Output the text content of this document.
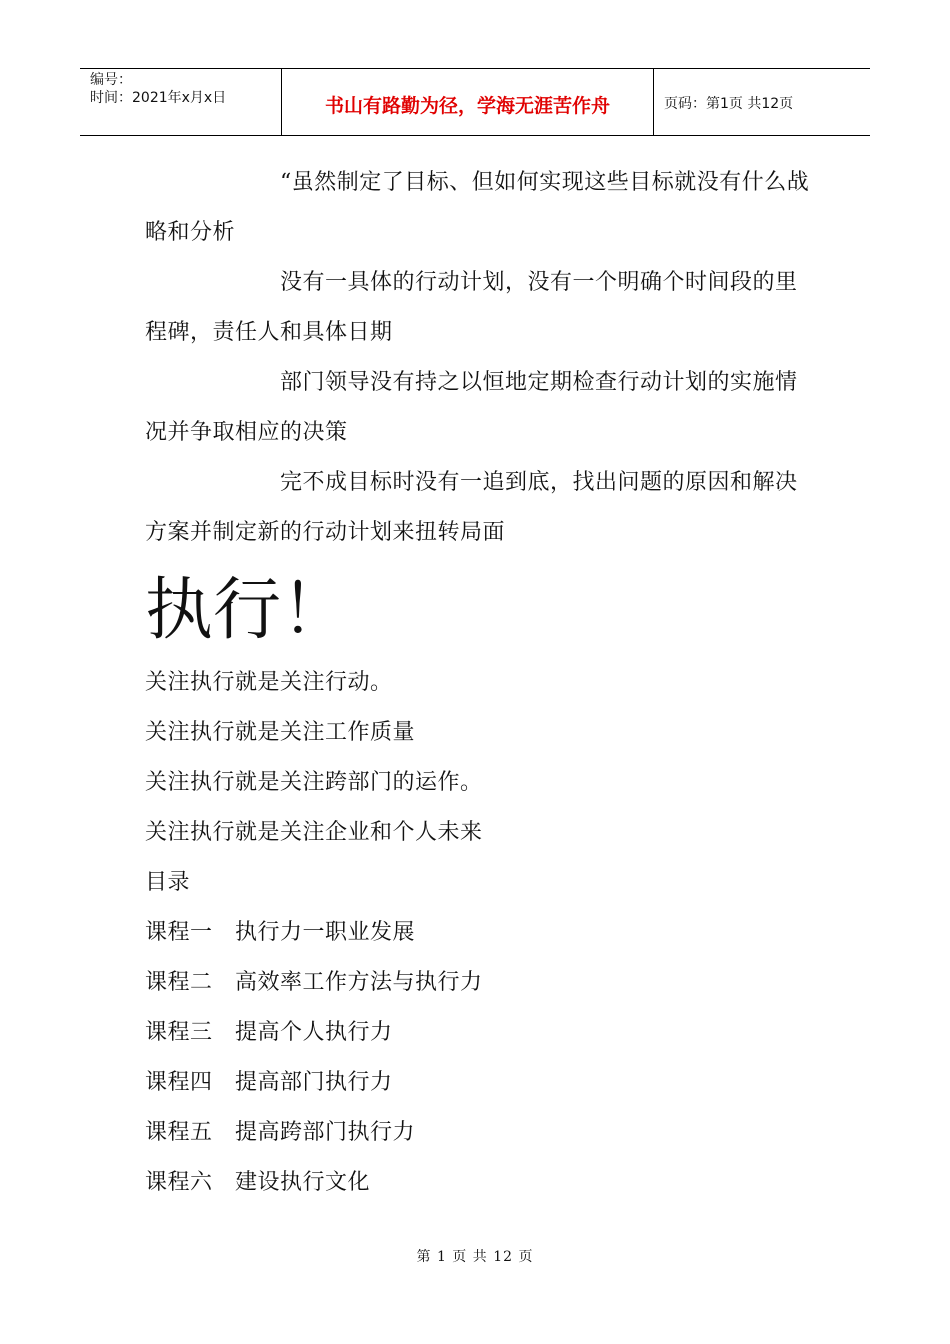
编号：
时间：2021年x月x日	书山有路勤为径，学海无涯苦作舟	页码：第1页 共12页
“虽然制定了目标、但如何实现这些目标就没有什么战
略和分析
没有一具体的行动计划，没有一个明确个时间段的里
程碑，责任人和具体日期
部门领导没有持之以恒地定期检查行动计划的实施情
况并争取相应的决策
完不成目标时没有一追到底，找出问题的原因和解决
方案并制定新的行动计划来扭转局面
执行！
关注执行就是关注行动。
关注执行就是关注工作质量
关注执行就是关注跨部门的运作。
关注执行就是关注企业和个人未来
目录
课程一 执行力一职业发展
课程二 高效率工作方法与执行力
课程三 提高个人执行力
课程四 提高部门执行力
课程五 提高跨部门执行力
课程六 建设执行文化
第 1 页 共 12 页
